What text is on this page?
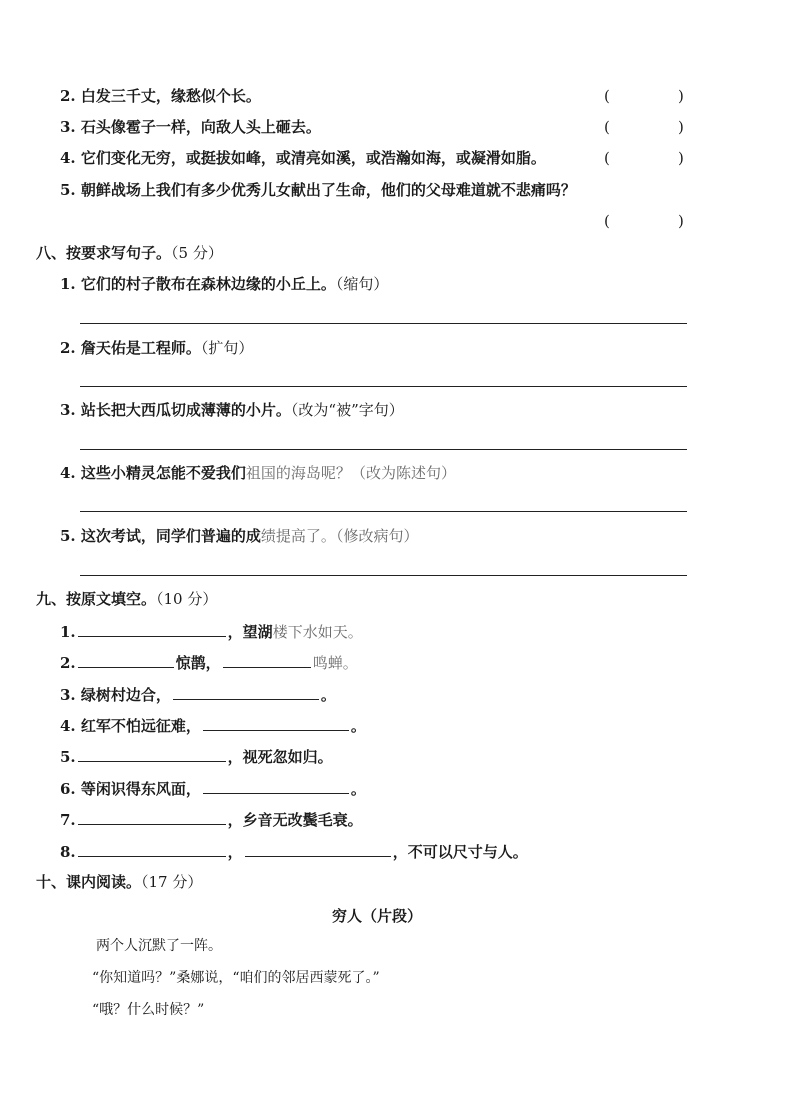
2. 白发三千丈，缘愁似个长。	(	)
3. 石头像雹子一样，向敌人头上砸去。	(	)
4. 它们变化无穷，或挺拔如峰，或清亮如溪，或浩瀚如海，或凝滑如脂。	(	)
5. 朝鲜战场上我们有多少优秀儿女献出了生命，他们的父母难道就不悲痛吗？
(	)
八、按要求写句子。（5 分）
1. 它们的村子散布在森林边缘的小丘上。（缩句）
2. 詹天佑是工程师。（扩句）
3. 站长把大西瓜切成薄薄的小片。（改为“被”字句）
4. 这些小精灵怎能不爱我们祖国的海岛呢？（改为陈述句）
5. 这次考试，同学们普遍的成绩提高了。（修改病句）
九、按原文填空。（10 分）
1.	，望湖楼下水如天。
2.	惊鹊，	鸣蝉。
3. 绿树村边合，	。
4. 红军不怕远征难，	。
5.	，视死忽如归。
6. 等闲识得东风面，	。
7.	，乡音无改鬓毛衰。
8.	，	，不可以尺寸与人。
十、课内阅读。（17 分）
穷人（片段）
两个人沉默了一阵。
“你知道吗？”桑娜说，“咱们的邻居西蒙死了。”
“哦？什么时候？”
